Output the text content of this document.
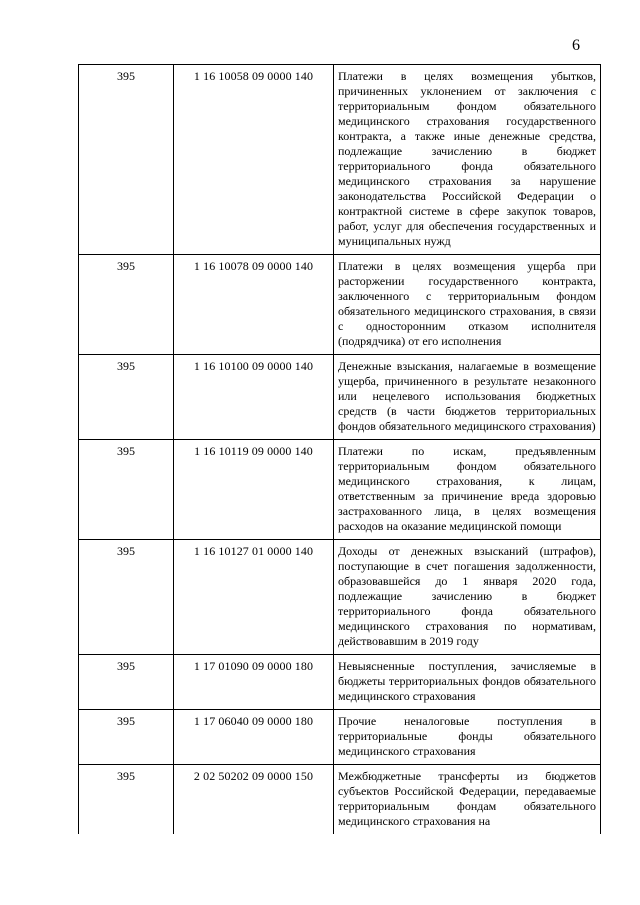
6
395	1 16 10058 09 0000 140	Платежи в целях возмещения убытков, причиненных уклонением от заключения с территориальным фондом обязательного медицинского страхования государственного контракта, а также иные денежные средства, подлежащие зачислению в бюджет территориального фонда обязательного медицинского страхования за нарушение законодательства Российской Федерации о контрактной системе в сфере закупок товаров, работ, услуг для обеспечения государственных и муниципальных нужд
395	1 16 10078 09 0000 140	Платежи в целях возмещения ущерба при расторжении государственного контракта, заключенного с территориальным фондом обязательного медицинского страхования, в связи с односторонним отказом исполнителя (подрядчика) от его исполнения
395	1 16 10100 09 0000 140	Денежные взыскания, налагаемые в возмещение ущерба, причиненного в результате незаконного или нецелевого использования бюджетных средств (в части бюджетов территориальных фондов обязательного медицинского страхования)
395	1 16 10119 09 0000 140	Платежи по искам, предъявленным территориальным фондом обязательного медицинского страхования, к лицам, ответственным за причинение вреда здоровью застрахованного лица, в целях возмещения расходов на оказание медицинской помощи
395	1 16 10127 01 0000 140	Доходы от денежных взысканий (штрафов), поступающие в счет погашения задолженности, образовавшейся до 1 января 2020 года, подлежащие зачислению в бюджет территориального фонда обязательного медицинского страхования по нормативам, действовавшим в 2019 году
395	1 17 01090 09 0000 180	Невыясненные поступления, зачисляемые в бюджеты территориальных фондов обязательного медицинского страхования
395	1 17 06040 09 0000 180	Прочие неналоговые поступления в территориальные фонды обязательного медицинского страхования
395	2 02 50202 09 0000 150	Межбюджетные трансферты из бюджетов субъектов Российской Федерации, передаваемые территориальным фондам обязательного медицинского страхования на
